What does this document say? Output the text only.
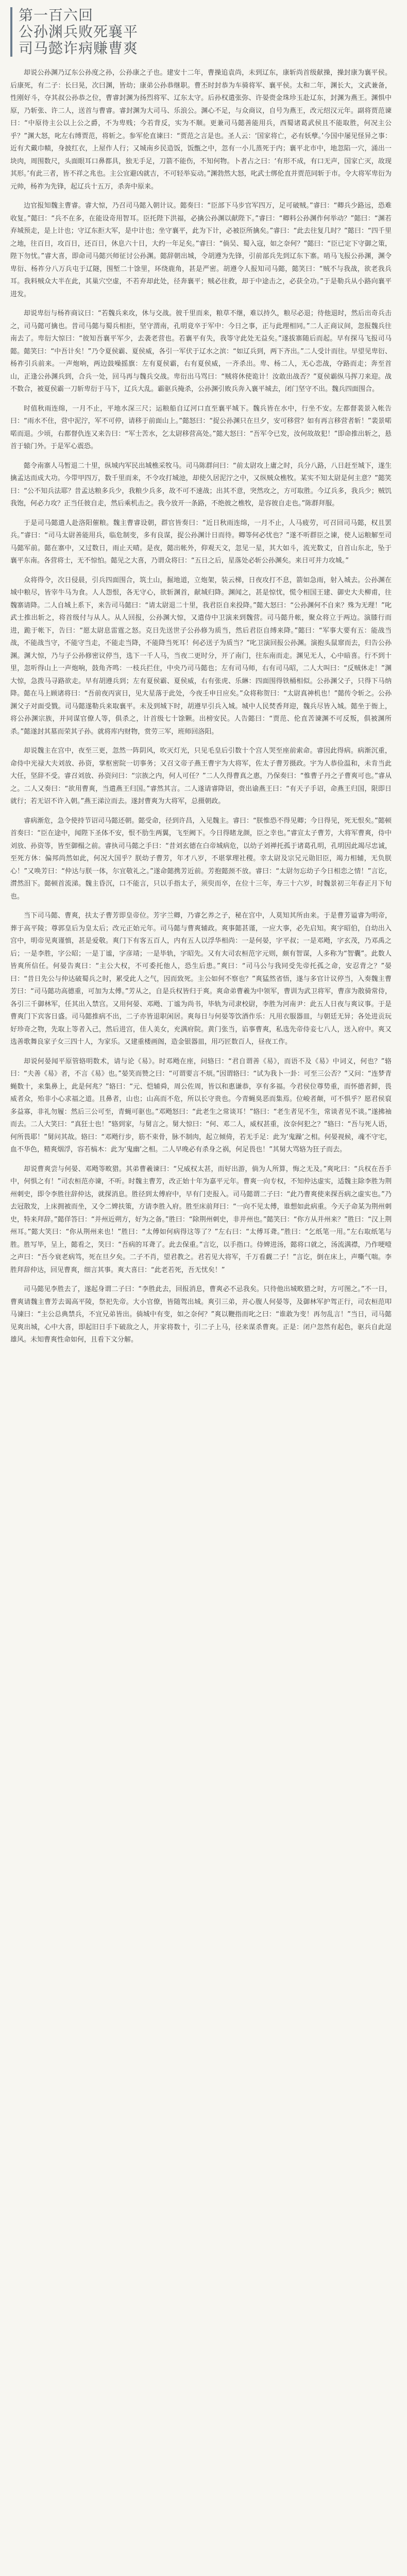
第一百六回
公孙渊兵败死襄平
司马懿诈病赚曹爽

却说公孙渊乃辽东公孙度之孙，公孙康之子也。建安十二年，曹操追袁尚，未到辽东，康斩尚首级献操，操封康为襄平侯。后康死，有二子：长曰晃，次曰渊，皆幼；康弟公孙恭继职。曹丕时封恭为车骑将军、襄平侯。太和二年，渊长大，文武兼备，性刚好斗，夺其叔公孙恭之位，曹睿封渊为扬烈将军、辽东太守。后孙权遣张弥、许晏赍金珠珍玉赴辽东，封渊为燕王。渊惧中原，乃斩张、许二人，送首与曹睿。睿封渊为大司马、乐浪公。渊心不足，与众商议，自号为燕王，改元绍汉元年。副将贾范谏曰：“中原待主公以上公之爵，不为卑贱；今若背反，实为不顺。更兼司马懿善能用兵，西蜀诸葛武侯且不能取胜，何况主公乎？”渊大怒，叱左右缚贾范，将斩之。参军伦直谏曰：“贾范之言是也。圣人云：‘国家将亡，必有妖孽。’今国中屡见怪异之事：近有犬戴巾帻，身披红衣，上屋作人行；又城南乡民造饭，饭甑之中，忽有一小儿蒸死于内；襄平北市中，地忽陷一穴，涌出一块肉，周围数尺，头面眼耳口鼻都具，独无手足，刀箭不能伤，不知何物。卜者占之曰：‘有形不成，有口无声，国家亡灭，故现其形。’有此三者，皆不祥之兆也。主公宜避凶就吉，不可轻举妄动。”渊勃然大怒，叱武士绑伦直并贾范同斩于市。令大将军卑衍为元帅，杨祚为先锋，起辽兵十五万，杀奔中原来。

边官报知魏主曹睿。睿大惊，乃召司马懿入朝计议。懿奏曰：“臣部下马步官军四万，足可破贼。”睿曰：“卿兵少路远，恐难收复。”懿曰：“兵不在多，在能设奇用智耳。臣托陛下洪福，必擒公孙渊以献陛下。”睿曰：“卿料公孙渊作何举动？”懿曰：“渊若弃城预走，是上计也；守辽东拒大军，是中计也；坐守襄平，此为下计，必被臣所擒矣。”睿曰：“此去往复几时？”懿曰：“四千里之地，往百日，攻百日，还百日，休息六十日，大约一年足矣。”睿曰：“倘吴、蜀入寇，如之奈何？”懿曰：“臣已定下守御之策，陛下勿忧。”睿大喜，即命司马懿兴师征讨公孙渊。懿辞朝出城，令胡遵为先锋，引前部兵先到辽东下寨。哨马飞报公孙渊，渊令卑衍、杨祚分八万兵屯于辽隧，围堑二十馀里，环绕鹿角，甚是严密。胡遵令人报知司马懿，懿笑曰：“贼不与我战，欲老我兵耳。我料贼众大半在此，其巢穴空虚，不若弃却此处，径奔襄平；贼必往救，却于中途击之，必获全功。”于是勒兵从小路向襄平进发。

却说卑衍与杨祚商议曰：“若魏兵来攻，休与交战。彼千里而来，粮草不继，难以持久，粮尽必退；待他退时，然后出奇兵击之，司马懿可擒也。昔司马懿与蜀兵相拒，坚守渭南，孔明竟卒于军中：今日之事，正与此理相同。”二人正商议间，忽报魏兵往南去了。卑衍大惊曰：“彼知吾襄平军少，去袭老营也。若襄平有失，我等守此处无益矣。”遂拔寨随后而起。早有探马飞报司马懿。懿笑曰：“中吾计矣！”乃令夏侯霸、夏侯威，各引一军伏于辽水之滨：“如辽兵到，两下齐出。”二人受计而往。早望见卑衍、杨祚引兵前来。一声炮响，两边鼓噪摇旗：左有夏侯霸，右有夏侯威，一齐杀出。卑、杨二人，无心恋战，夺路而走；奔至首山，正逢公孙渊兵到，合兵一处，回马再与魏兵交战。卑衍出马骂曰：“贼将休使诡计！汝敢出战否？”夏侯霸纵马挥刀来迎。战不数合，被夏侯霸一刀斩卑衍于马下，辽兵大乱。霸驱兵掩杀，公孙渊引败兵奔入襄平城去，闭门坚守不出。魏兵四面围合。

时值秋雨连绵，一月不止，平地水深三尺；运粮船自辽河口直至襄平城下。魏兵皆在水中，行坐不安。左都督裴景入帐告曰：“雨水不住，营中泥泞，军不可停，请移于前面山上。”懿怒曰：“捉公孙渊只在旦夕，安可移营？如有再言移营者斩！”裴景喏喏而退。少顷，右都督仇连又来告曰：“军士苦水，乞太尉移营高处。”懿大怒曰：“吾军令已发，汝何故故犯！”即命推出斩之，悬首于辕门外。于是军心震恐。

懿令南寨人马暂退二十里，纵城内军民出城樵采牧马。司马陈群问曰：“前太尉攻上庸之时，兵分八路，八日赶至城下，遂生擒孟达而成大功。今带甲四万，数千里而来，不令攻打城池，却使久居泥泞之中，又纵贼众樵牧。某实不知太尉是何主意？”懿笑曰：“公不知兵法耶？昔孟达粮多兵少，我粮少兵多，故不可不速战；出其不意，突然攻之，方可取胜。今辽兵多，我兵少；贼饥我饱，何必力攻？正当任彼自走，然后乘机击之。我今放开一条路，不绝彼之樵牧，是容彼自走也。”陈群拜服。

于是司马懿遣人赴洛阳催粮。魏主曹睿设朝，群官皆奏曰：“近日秋雨连绵，一月不止，人马疲劳，可召回司马懿，权且罢兵。”睿曰：“司马太尉善能用兵，临危制变，多有良谋，捉公孙渊计日而待。卿等何必忧也？”遂不听群臣之谏，使人运粮解至司马懿军前。懿在寨中，又过数日，雨止天晴。是夜，懿出帐外，仰观天文，忽见一星，其大如斗，流光数丈，自首山东北，坠于襄平东南。各营将士，无不惊怕。懿见之大喜，乃谓众将曰：“五日之后，星落处必斩公孙渊矣。来日可并力攻城。”

众将得令，次日侵晨，引兵四面围合，筑土山，掘地道，立炮架，装云梯，日夜攻打不息，箭如急雨，射入城去。公孙渊在城中粮尽，皆宰牛马为食。人人怨恨，各无守心，欲斩渊首，献城归降。渊闻之，甚是惊忧，慌令相国王建、御史大夫柳甫，往魏寨请降。二人自城上系下，来告司马懿曰：“请太尉退二十里，我君臣自来投降。”懿大怒曰：“公孙渊何不自来？殊为无理！”叱武士推出斩之，将首级付与从人。从人回报，公孙渊大惊，又遣侍中卫演来到魏营。司马懿升帐，聚众将立于两边。演膝行而进，跪于帐下，告曰：“愿太尉息雷霆之怒。克日先送世子公孙修为质当，然后君臣自缚来降。”懿曰：“军事大要有五：能战当战，不能战当守，不能守当走，不能走当降，不能降当死耳！何必送子为质当？”叱卫演回报公孙渊。演抱头鼠窜而去，归告公孙渊。渊大惊，乃与子公孙修密议停当，选下一千人马，当夜二更时分，开了南门，往东南而走。渊见无人，心中暗喜。行不到十里，忽听得山上一声炮响，鼓角齐鸣：一枝兵拦住，中央乃司马懿也；左有司马师，右有司马昭，二人大叫曰：“反贼休走！”渊大惊，急拨马寻路欲走。早有胡遵兵到；左有夏侯霸、夏侯威，右有张虎、乐綝：四面围得铁桶相似。公孙渊父子，只得下马纳降。懿在马上顾诸将曰：“吾前夜丙寅日，见大星落于此处，今夜壬申日应矣。”众将称贺曰：“太尉真神机也！”懿传令斩之。公孙渊父子对面受戮。司马懿遂勒兵来取襄平。未及到城下时，胡遵早引兵入城。城中人民焚香拜迎，魏兵尽皆入城。懿坐于衙上，将公孙渊宗族，并同谋官僚人等，俱杀之，计首级七十馀颗。出榜安民。人告懿曰：“贾范、伦直苦谏渊不可反叛，俱被渊所杀。”懿遂封其墓而荣其子孙。就将库内财物，赏劳三军，班师回洛阳。

却说魏主在宫中，夜至三更，忽然一阵阴风，吹灭灯光，只见毛皇后引数十个宫人哭至座前索命。睿因此得病。病渐沉重，命侍中光禄大夫刘放、孙资，掌枢密院一切事务；又召文帝子燕王曹宇为大将军，佐太子曹芳摄政。宇为人恭俭温和，未肯当此大任，坚辞不受。睿召刘放、孙资问曰：“宗族之内，何人可任？”二人久得曹真之惠，乃保奏曰：“惟曹子丹之子曹爽可也。”睿从之。二人又奏曰：“欲用曹爽，当遣燕王归国。”睿然其言。二人遂请睿降诏，赍出谕燕王曰：“有天子手诏，命燕王归国，限即日就行；若无诏不许入朝。”燕王涕泣而去。遂封曹爽为大将军，总摄朝政。

睿病渐危，急令使持节诏司马懿还朝。懿受命，径到许昌，入见魏主。睿曰：“朕惟恐不得见卿；今日得见，死无恨矣。”懿顿首奏曰：“臣在途中，闻陛下圣体不安，恨不肋生两翼，飞至阙下。今日得睹龙颜，臣之幸也。”睿宣太子曹芳，大将军曹爽，侍中刘放、孙资等，皆至御榻之前。睿执司马懿之手曰：“昔刘玄德在白帝城病危，以幼子刘禅托孤于诸葛孔明，孔明因此竭尽忠诚，至死方休：偏邦尚然如此，何况大国乎？朕幼子曹芳，年才八岁，不堪掌理社稷。幸太尉及宗兄元勋旧臣，竭力相辅，无负朕心！”又唤芳曰：“仲达与朕一体，尔宜敬礼之。”遂命懿携芳近前。芳抱懿颈不放。睿曰：“太尉勿忘幼子今日相恋之情！”言讫，潸然泪下。懿顿首流涕。魏主昏沉，口不能言，只以手指太子，须臾而卒，在位十三年，寿三十六岁，时魏景初三年春正月下旬也。

当下司马懿、曹爽，扶太子曹芳即皇帝位。芳字兰卿，乃睿乞养之子，秘在宫中，人莫知其所由来。于是曹芳谥睿为明帝，葬于高平陵；尊郭皇后为皇太后；改元正始元年。司马懿与曹爽辅政。爽事懿甚谨，一应大事，必先启知。爽字昭伯，自幼出入宫中，明帝见爽谨慎，甚是爱敬。爽门下有客五百人，内有五人以浮华相尚：一是何晏，字平叔；一是邓飏，字玄茂，乃邓禹之后；一是李胜，字公昭；一是丁谧，字彦靖；一是毕轨，字昭先。又有大司农桓范字元则，颇有智谋，人多称为“智囊”。此数人皆爽所信任。何晏告爽曰：“主公大权，不可委托他人，恐生后患。”爽曰：“司马公与我同受先帝托孤之命，安忍背之？”晏曰：“昔日先公与仲达破蜀兵之时，累受此人之气，因而致死。主公如何不察也？”爽猛然省悟，遂与多官计议停当，入奏魏主曹芳曰：“司马懿功高德重，可加为太傅。”芳从之，自是兵权皆归于爽。爽命弟曹羲为中领军，曹训为武卫将军，曹彦为散骑常侍，各引三千御林军，任其出入禁宫。又用何晏、邓飏、丁谧为尚书，毕轨为司隶校尉，李胜为河南尹：此五人日夜与爽议事。于是曹爽门下宾客日盛。司马懿推病不出，二子亦皆退职闲居。爽每日与何晏等饮酒作乐：凡用衣服器皿，与朝廷无异；各处进贡玩好珍奇之物，先取上等者入己，然后进宫，佳人美女，充满府院。黄门张当，谄事曹爽，私选先帝侍妾七八人，送入府中。爽又选善歌舞良家子女三四十人，为家乐。又建重楼画阁，造金银器皿，用巧匠数百人，昼夜工作。

却说何晏闻平原管辂明数术，请与论《易》。时邓飏在座，问辂曰：“君自谓善《易》，而语不及《易》中词义，何也？”辂曰：“夫善《易》者，不言《易》也。”晏笑而赞之曰：“可谓要言不烦。”因谓辂曰：“试为我卜一卦：可至三公否？”又问：“连梦青蝇数十，来集鼻上，此是何兆？”辂曰：“元、恺辅舜，周公佐周，皆以和惠谦恭，享有多福。今君侯位尊势重，而怀德者鲜，畏威者众，殆非小心求福之道。且鼻者，山也；山高而不危，所以长守贵也。今青蝇臭恶而集焉。位峻者颠，可不惧乎？愿君侯裒多益寡，非礼勿履：然后三公可至，青蝇可驱也。”邓飏怒曰：“此老生之常谈耳！”辂曰：“老生者见不生，常谈者见不谈。”遂拂袖而去。二人大笑曰：“真狂士也！”辂到家，与舅言之。舅大惊曰：“何、邓二人，威权甚重，汝奈何犯之？”辂曰：“吾与死人语，何所畏耶！”舅问其故。辂曰：“邓飏行步，筋不束骨，脉不制肉，起立倾倚，若无手足：此为‘鬼躁’之相。何晏视候，魂不守宅，血不华色，精爽烟浮，容若槁木：此为‘鬼幽’之相。二人早晚必有杀身之祸，何足畏也！”其舅大骂辂为狂子而去。

却说曹爽尝与何晏、邓飏等畋猎。其弟曹羲谏曰：“兄威权太甚，而好出游，倘为人所算，悔之无及。”爽叱曰：“兵权在吾手中，何惧之有！”司农桓范亦谏，不听。时魏主曹芳，改正始十年为嘉平元年。曹爽一向专权，不知仲达虚实，适魏主除李胜为荆州刺史，即令李胜往辞仲达，就探消息。胜径到太傅府中，早有门吏报入。司马懿谓二子曰：“此乃曹爽使来探吾病之虚实也。”乃去冠散发，上床拥被而坐，又令二婢扶策，方请李胜入府。胜至床前拜曰：“一向不见太傅，谁想如此病重。今天子命某为荆州刺史，特来拜辞。”懿佯答曰：“并州近朔方，好为之备。”胜曰：“除荆州刺史，非并州也。”懿笑曰：“你方从并州来？”胜曰：“汉上荆州耳。”懿大笑曰：“你从荆州来也！”胜曰：“太傅如何病得这等了？”左右曰：“太傅耳聋。”胜曰：“乞纸笔一用。”左右取纸笔与胜。胜写毕，呈上，懿看之，笑曰：“吾病的耳聋了。此去保重。”言讫，以手指口。侍婢进汤，懿将口就之，汤流满襟，乃作哽噎之声曰：“吾今衰老病笃，死在旦夕矣。二子不肖，望君教之。君若见大将军，千万看觑二子！”言讫，倒在床上，声嘶气喘。李胜拜辞仲达，回见曹爽，细言其事。爽大喜曰：“此老若死，吾无忧矣！”

司马懿见李胜去了，遂起身谓二子曰：“李胜此去，回报消息，曹爽必不忌我矣。只待他出城畋猎之时，方可图之。”不一日，曹爽请魏主曹芳去谒高平陵，祭祀先帝。大小官僚，皆随驾出城。爽引三弟，并心腹人何晏等，及御林军护驾正行，司农桓范叩马谏曰：“主公总典禁兵，不宜兄弟皆出。倘城中有变，如之奈何？”爽以鞭指而叱之曰：“谁敢为变！再勿乱言！”当日，司马懿见爽出城，心中大喜，即起旧日手下破敌之人，并家将数十，引二子上马，径来谋杀曹爽。正是：闭户忽然有起色，驱兵自此逞雄风。未知曹爽性命如何，且看下文分解。
